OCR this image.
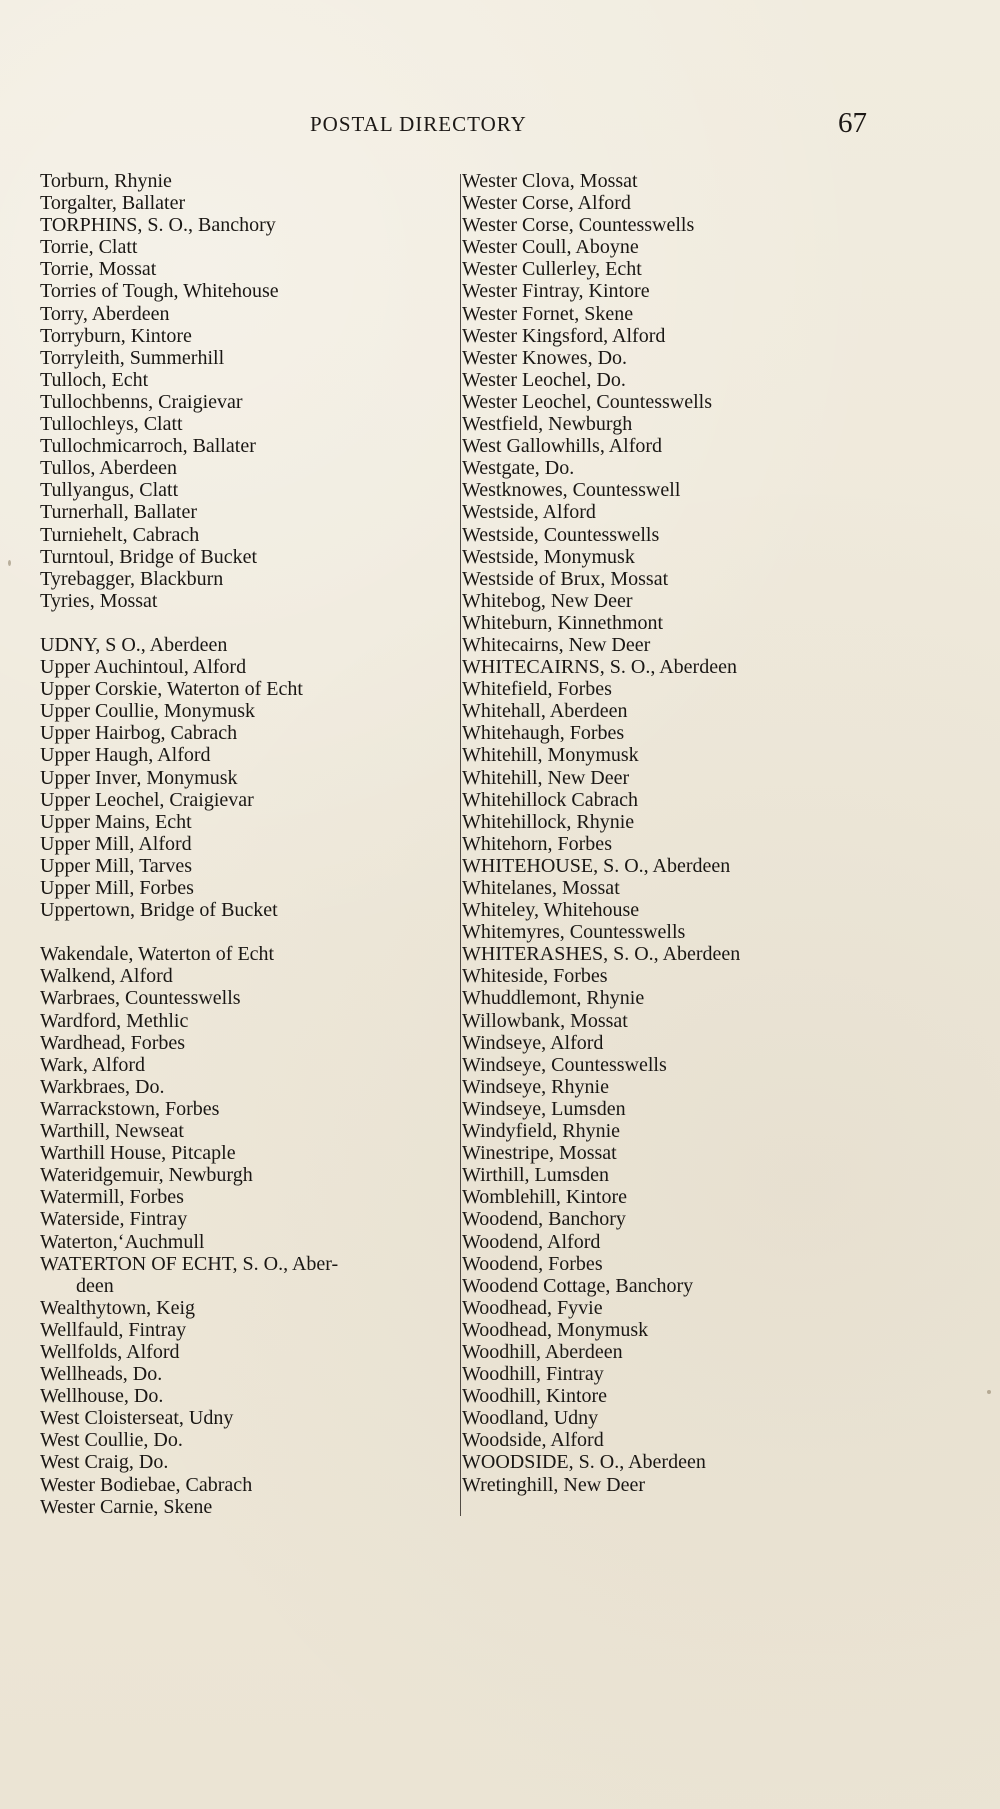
POSTAL DIRECTORY	67
Torburn, Rhynie
Torgalter, Ballater
TORPHINS, S. O., Banchory
Torrie, Clatt
Torrie, Mossat
Torries of Tough, Whitehouse
Torry, Aberdeen
Torryburn, Kintore
Torryleith, Summerhill
Tulloch, Echt
Tullochbenns, Craigievar
Tullochleys, Clatt
Tullochmicarroch, Ballater
Tullos, Aberdeen
Tullyangus, Clatt
Turnerhall, Ballater
Turniehelt, Cabrach
Turntoul, Bridge of Bucket
Tyrebagger, Blackburn
Tyries, Mossat
UDNY, S O., Aberdeen
Upper Auchintoul, Alford
Upper Corskie, Waterton of Echt
Upper Coullie, Monymusk
Upper Hairbog, Cabrach
Upper Haugh, Alford
Upper Inver, Monymusk
Upper Leochel, Craigievar
Upper Mains, Echt
Upper Mill, Alford
Upper Mill, Tarves
Upper Mill, Forbes
Uppertown, Bridge of Bucket
Wakendale, Waterton of Echt
Walkend, Alford
Warbraes, Countesswells
Wardford, Methlic
Wardhead, Forbes
Wark, Alford
Warkbraes, Do.
Warrackstown, Forbes
Warthill, Newseat
Warthill House, Pitcaple
Wateridgemuir, Newburgh
Watermill, Forbes
Waterside, Fintray
Waterton,‘Auchmull
WATERTON OF ECHT, S. O., Aber-
deen
Wealthytown, Keig
Wellfauld, Fintray
Wellfolds, Alford
Wellheads, Do.
Wellhouse, Do.
West Cloisterseat, Udny
West Coullie, Do.
West Craig, Do.
Wester Bodiebae, Cabrach
Wester Carnie, Skene
Wester Clova, Mossat
Wester Corse, Alford
Wester Corse, Countesswells
Wester Coull, Aboyne
Wester Cullerley, Echt
Wester Fintray, Kintore
Wester Fornet, Skene
Wester Kingsford, Alford
Wester Knowes, Do.
Wester Leochel, Do.
Wester Leochel, Countesswells
Westfield, Newburgh
West Gallowhills, Alford
Westgate, Do.
Westknowes, Countesswell
Westside, Alford
Westside, Countesswells
Westside, Monymusk
Westside of Brux, Mossat
Whitebog, New Deer
Whiteburn, Kinnethmont
Whitecairns, New Deer
WHITECAIRNS, S. O., Aberdeen
Whitefield, Forbes
Whitehall, Aberdeen
Whitehaugh, Forbes
Whitehill, Monymusk
Whitehill, New Deer
Whitehillock Cabrach
Whitehillock, Rhynie
Whitehorn, Forbes
WHITEHOUSE, S. O., Aberdeen
Whitelanes, Mossat
Whiteley, Whitehouse
Whitemyres, Countesswells
WHITERASHES, S. O., Aberdeen
Whiteside, Forbes
Whuddlemont, Rhynie
Willowbank, Mossat
Windseye, Alford
Windseye, Countesswells
Windseye, Rhynie
Windseye, Lumsden
Windyfield, Rhynie
Winestripe, Mossat
Wirthill, Lumsden
Womblehill, Kintore
Woodend, Banchory
Woodend, Alford
Woodend, Forbes
Woodend Cottage, Banchory
Woodhead, Fyvie
Woodhead, Monymusk
Woodhill, Aberdeen
Woodhill, Fintray
Woodhill, Kintore
Woodland, Udny
Woodside, Alford
WOODSIDE, S. O., Aberdeen
Wretinghill, New Deer
